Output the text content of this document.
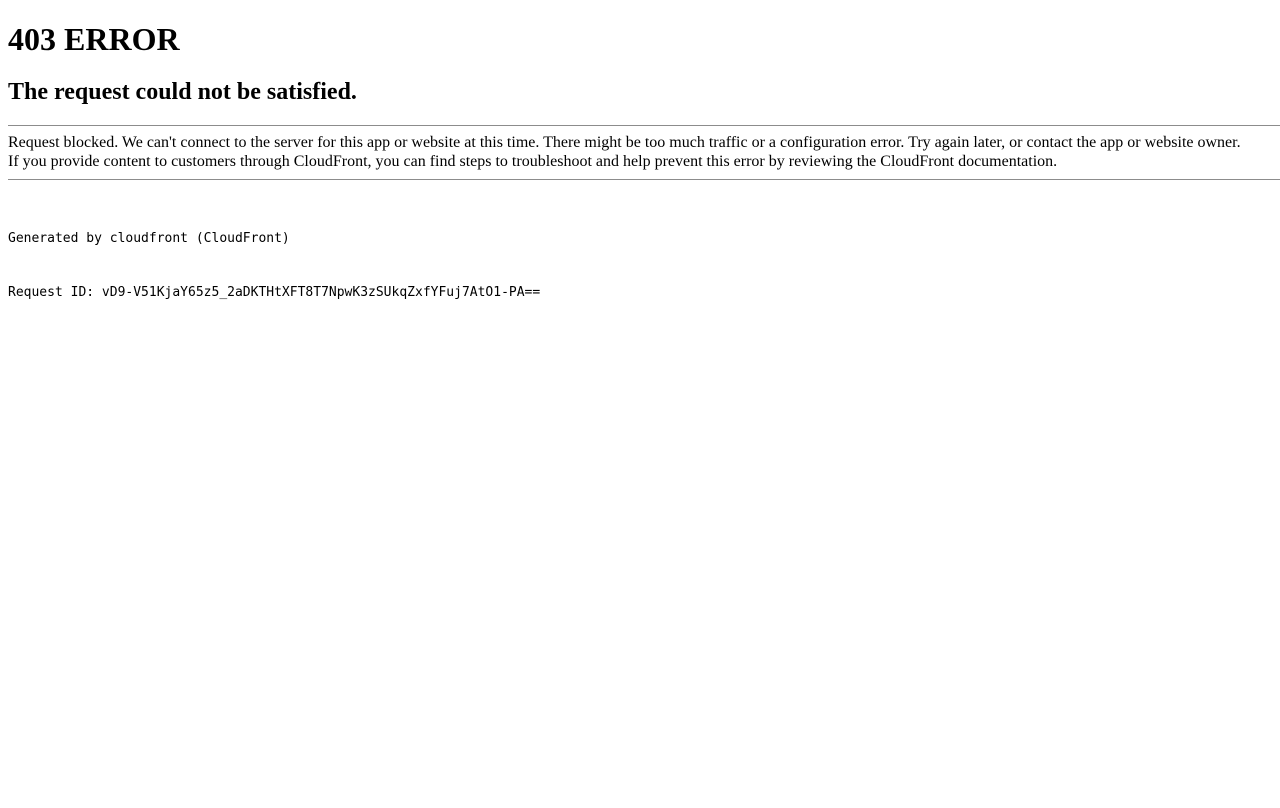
403 ERROR
The request could not be satisfied.
Request blocked. We can't connect to the server for this app or website at this time. There might be too much traffic or a configuration error. Try again later, or contact the app or website owner.
If you provide content to customers through CloudFront, you can find steps to troubleshoot and help prevent this error by reviewing the CloudFront documentation.

Generated by cloudfront (CloudFront)

Request ID: vD9-V51KjaY65z5_2aDKTHtXFT8T7NpwK3zSUkqZxfYFuj7AtO1-PA==
